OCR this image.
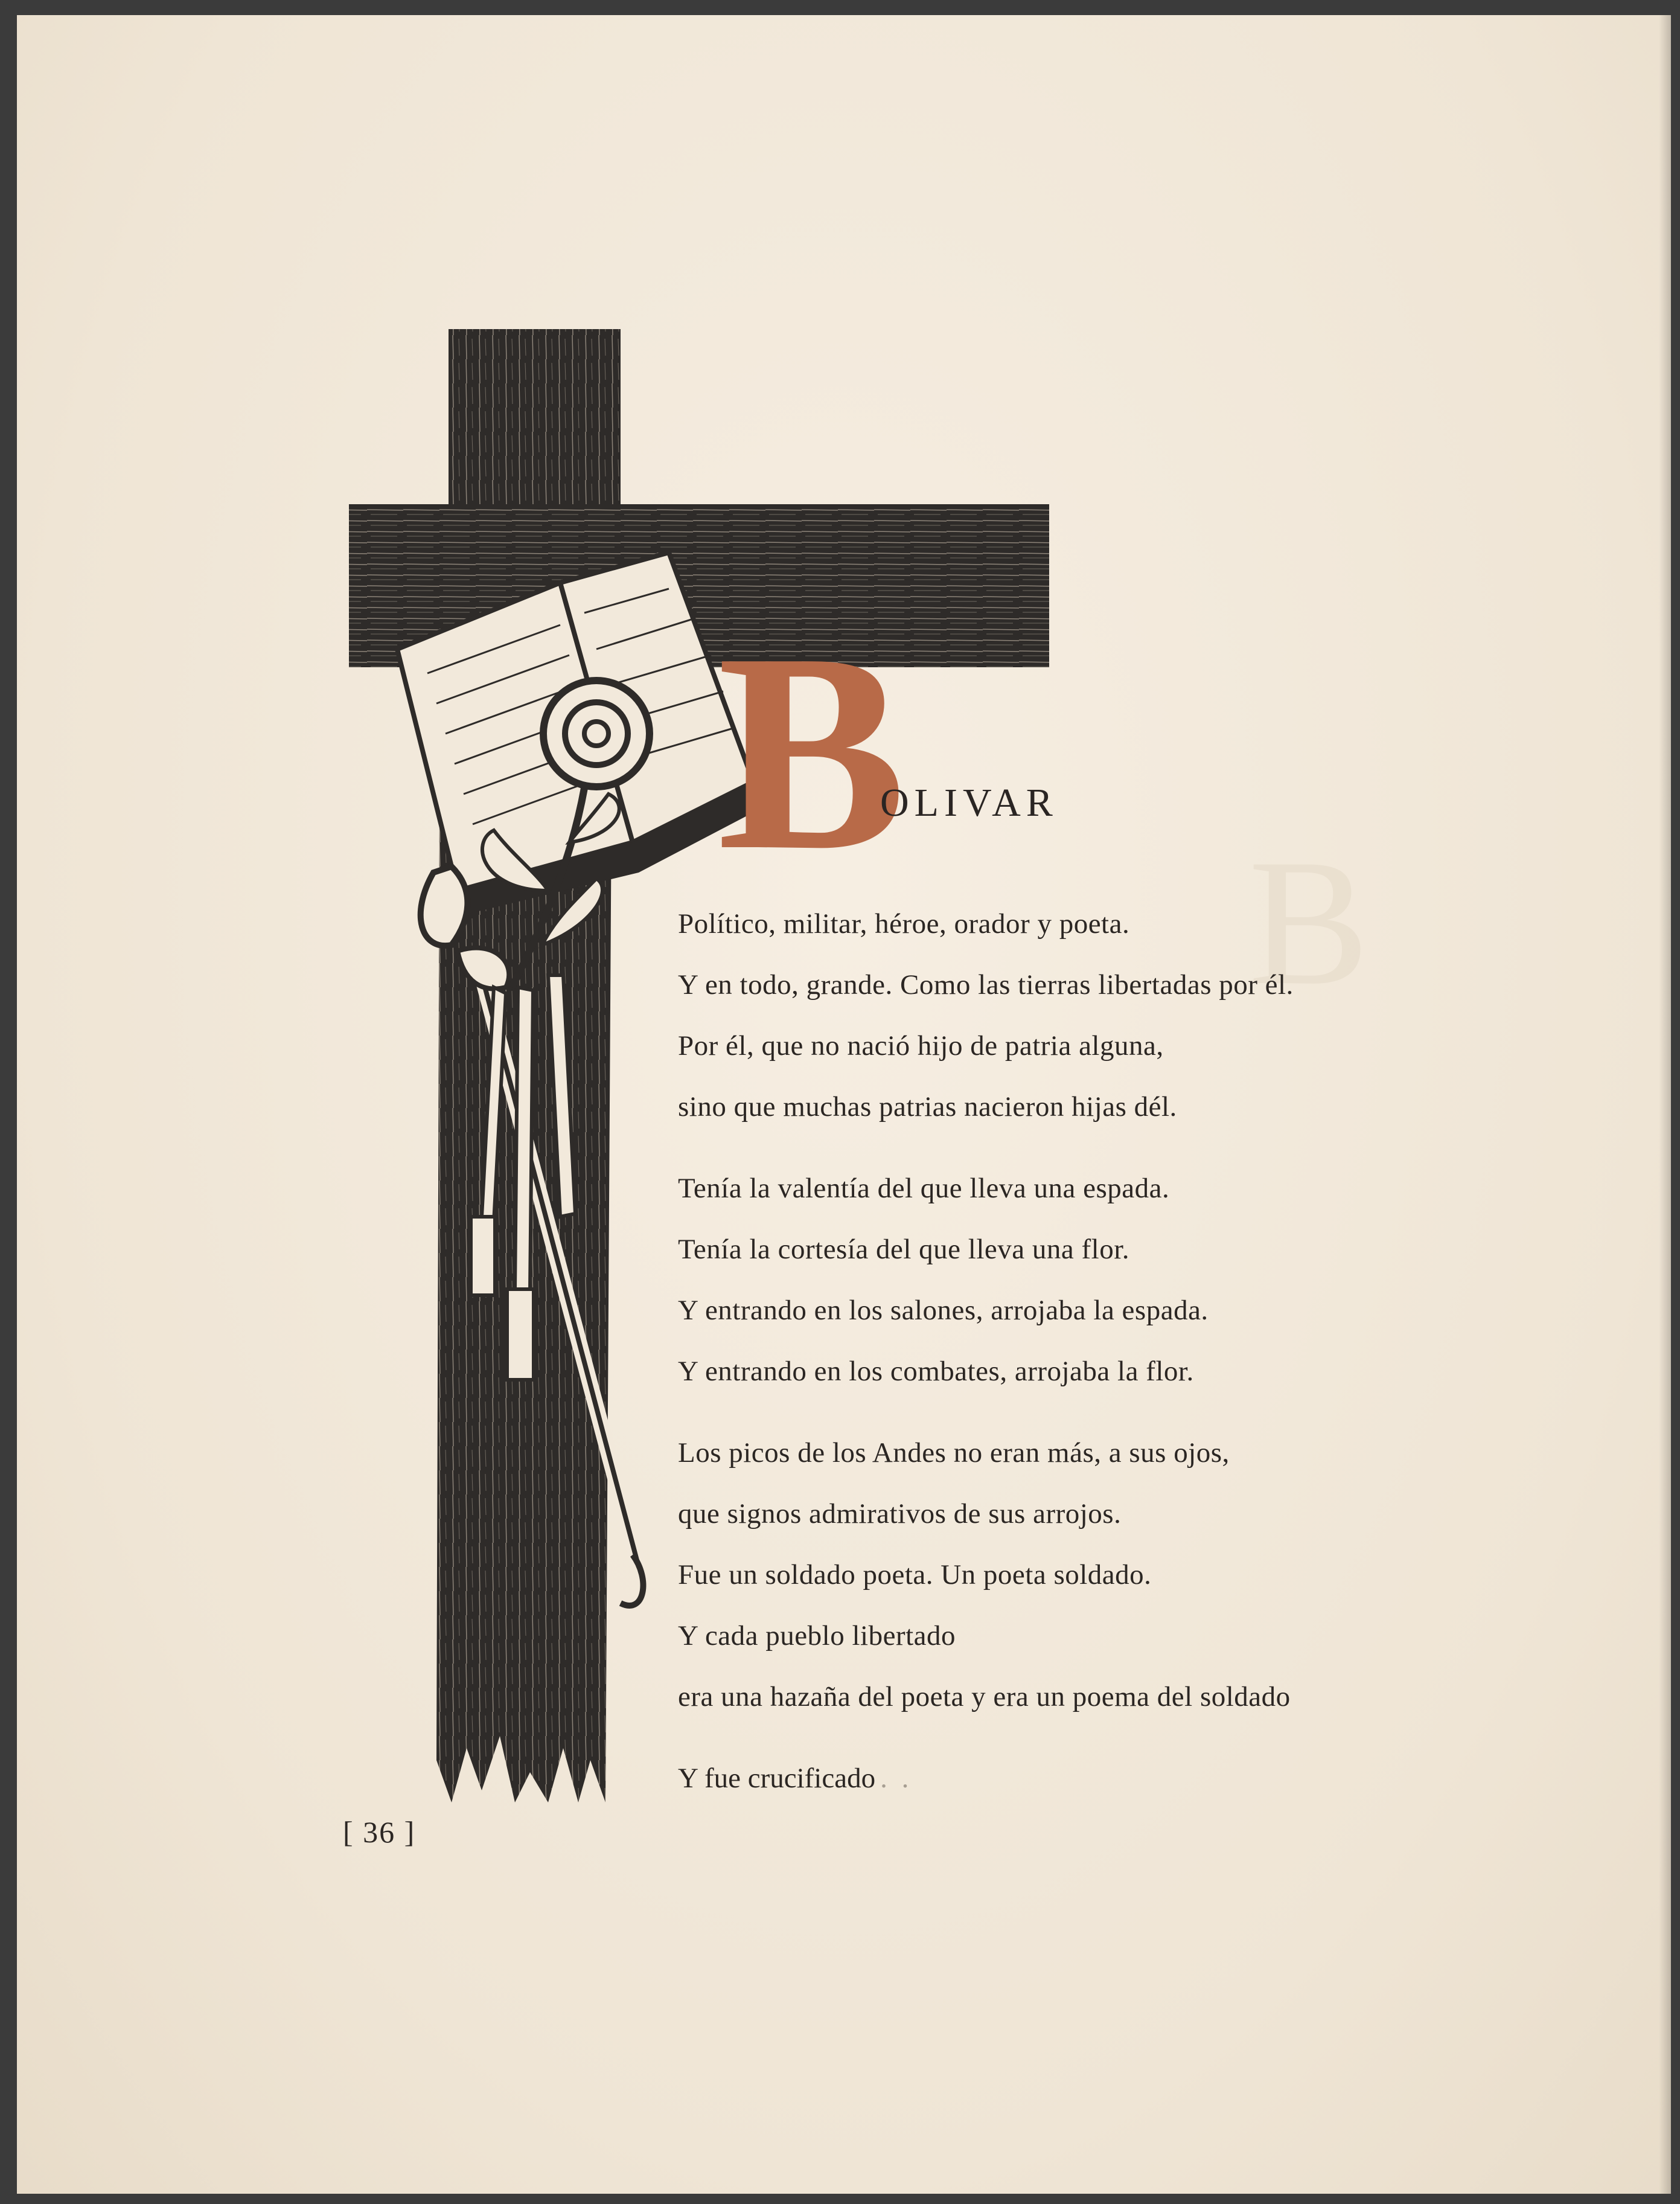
B
B
OLIVAR
Político, militar, héroe, orador y poeta.
Y en todo, grande. Como las tierras libertadas por él.
Por él, que no nació hijo de patria alguna,
sino que muchas patrias nacieron hijas dél.
Tenía la valentía del que lleva una espada.
Tenía la cortesía del que lleva una flor.
Y entrando en los salones, arrojaba la espada.
Y entrando en los combates, arrojaba la flor.
Los picos de los Andes no eran más, a sus ojos,
que signos admirativos de sus arrojos.
Fue un soldado poeta. Un poeta soldado.
Y cada pueblo libertado
era una hazaña del poeta y era un poema del soldado
Y fue crucificado . .
[ 36 ]
